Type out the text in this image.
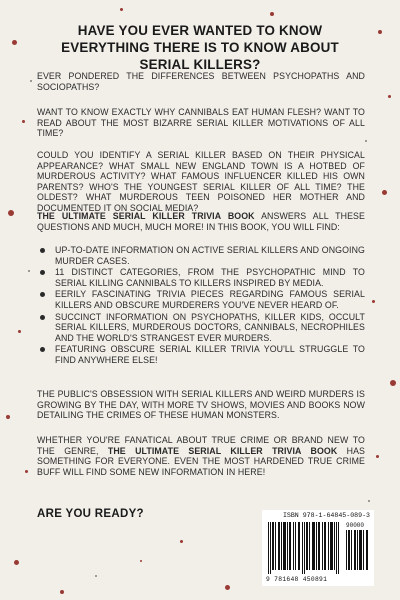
HAVE YOU EVER WANTED TO KNOW EVERYTHING THERE IS TO KNOW ABOUT SERIAL KILLERS?

EVER PONDERED THE DIFFERENCES BETWEEN PSYCHOPATHS AND SOCIOPATHS?

WANT TO KNOW EXACTLY WHY CANNIBALS EAT HUMAN FLESH? WANT TO READ ABOUT THE MOST BIZARRE SERIAL KILLER MOTIVATIONS OF ALL TIME?

COULD YOU IDENTIFY A SERIAL KILLER BASED ON THEIR PHYSICAL APPEARANCE? WHAT SMALL NEW ENGLAND TOWN IS A HOTBED OF MURDEROUS ACTIVITY? WHAT FAMOUS INFLUENCER KILLED HIS OWN PARENTS? WHO'S THE YOUNGEST SERIAL KILLER OF ALL TIME? THE OLDEST? WHAT MURDEROUS TEEN POISONED HER MOTHER AND DOCUMENTED IT ON SOCIAL MEDIA?

THE ULTIMATE SERIAL KILLER TRIVIA BOOK ANSWERS ALL THESE QUESTIONS AND MUCH, MUCH MORE! IN THIS BOOK, YOU WILL FIND:

UP-TO-DATE INFORMATION ON ACTIVE SERIAL KILLERS AND ONGOING MURDER CASES.
11 DISTINCT CATEGORIES, FROM THE PSYCHOPATHIC MIND TO SERIAL KILLING CANNIBALS TO KILLERS INSPIRED BY MEDIA.
EERILY FASCINATING TRIVIA PIECES REGARDING FAMOUS SERIAL KILLERS AND OBSCURE MURDERERS YOU'VE NEVER HEARD OF.
SUCCINCT INFORMATION ON PSYCHOPATHS, KILLER KIDS, OCCULT SERIAL KILLERS, MURDEROUS DOCTORS, CANNIBALS, NECROPHILES AND THE WORLD'S STRANGEST EVER MURDERS.
FEATURING OBSCURE SERIAL KILLER TRIVIA YOU'LL STRUGGLE TO FIND ANYWHERE ELSE!

THE PUBLIC'S OBSESSION WITH SERIAL KILLERS AND WEIRD MURDERS IS GROWING BY THE DAY, WITH MORE TV SHOWS, MOVIES AND BOOKS NOW DETAILING THE CRIMES OF THESE HUMAN MONSTERS.

WHETHER YOU'RE FANATICAL ABOUT TRUE CRIME OR BRAND NEW TO THE GENRE, THE ULTIMATE SERIAL KILLER TRIVIA BOOK HAS SOMETHING FOR EVERYONE. EVEN THE MOST HARDENED TRUE CRIME BUFF WILL FIND SOME NEW INFORMATION IN HERE!

ARE YOU READY?	ISBN 978-1-64845-089-3
90000
9 781648 450891
